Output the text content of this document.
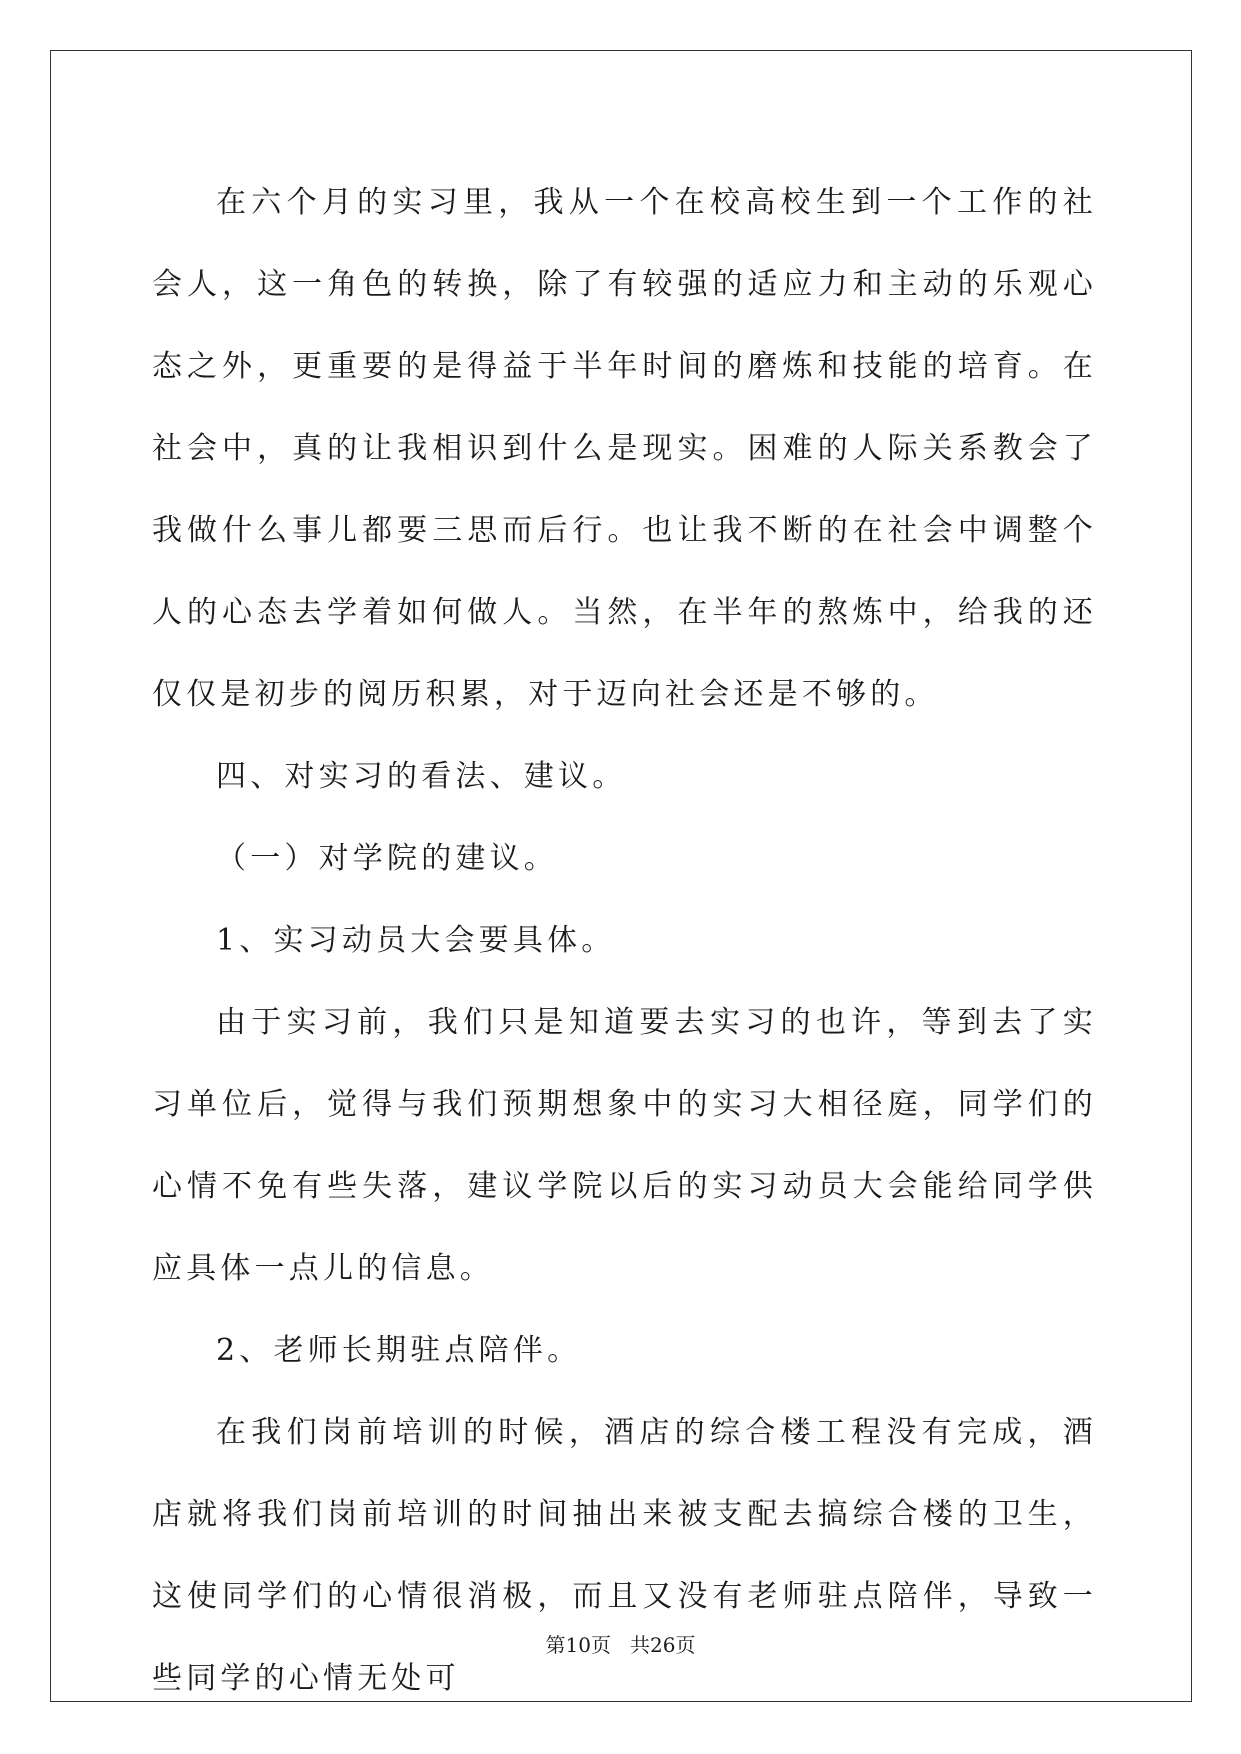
在六个月的实习里，我从一个在校高校生到一个工作的社会人，这一角色的转换，除了有较强的适应力和主动的乐观心态之外，更重要的是得益于半年时间的磨炼和技能的培育。在社会中，真的让我相识到什么是现实。困难的人际关系教会了我做什么事儿都要三思而后行。也让我不断的在社会中调整个人的心态去学着如何做人。当然，在半年的熬炼中，给我的还仅仅是初步的阅历积累，对于迈向社会还是不够的。

四、对实习的看法、建议。

（一）对学院的建议。

1、实习动员大会要具体。

由于实习前，我们只是知道要去实习的也许，等到去了实习单位后，觉得与我们预期想象中的实习大相径庭，同学们的心情不免有些失落，建议学院以后的实习动员大会能给同学供应具体一点儿的信息。

2、老师长期驻点陪伴。

在我们岗前培训的时候，酒店的综合楼工程没有完成，酒店就将我们岗前培训的时间抽出来被支配去搞综合楼的卫生，这使同学们的心情很消极，而且又没有老师驻点陪伴，导致一些同学的心情无处可

第10页 共26页
